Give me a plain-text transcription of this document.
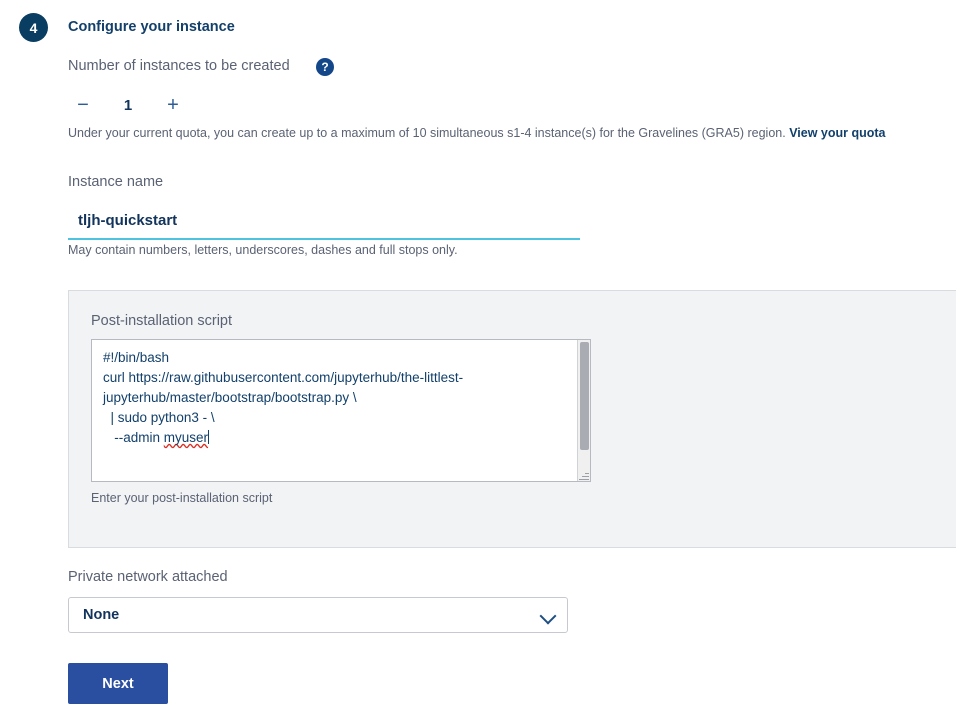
4	Configure your instance
Number of instances to be created	?
−	1	+
Under your current quota, you can create up to a maximum of 10 simultaneous s1-4 instance(s) for the Gravelines (GRA5) region. View your quota
Instance name
tljh-quickstart
May contain numbers, letters, underscores, dashes and full stops only.
Post-installation script
#!/bin/bash
curl https://raw.githubusercontent.com/jupyterhub/the-littlest-jupyterhub/master/bootstrap/bootstrap.py \
| sudo python3 - \
--admin myuser
Enter your post-installation script
Private network attached
None
Next
